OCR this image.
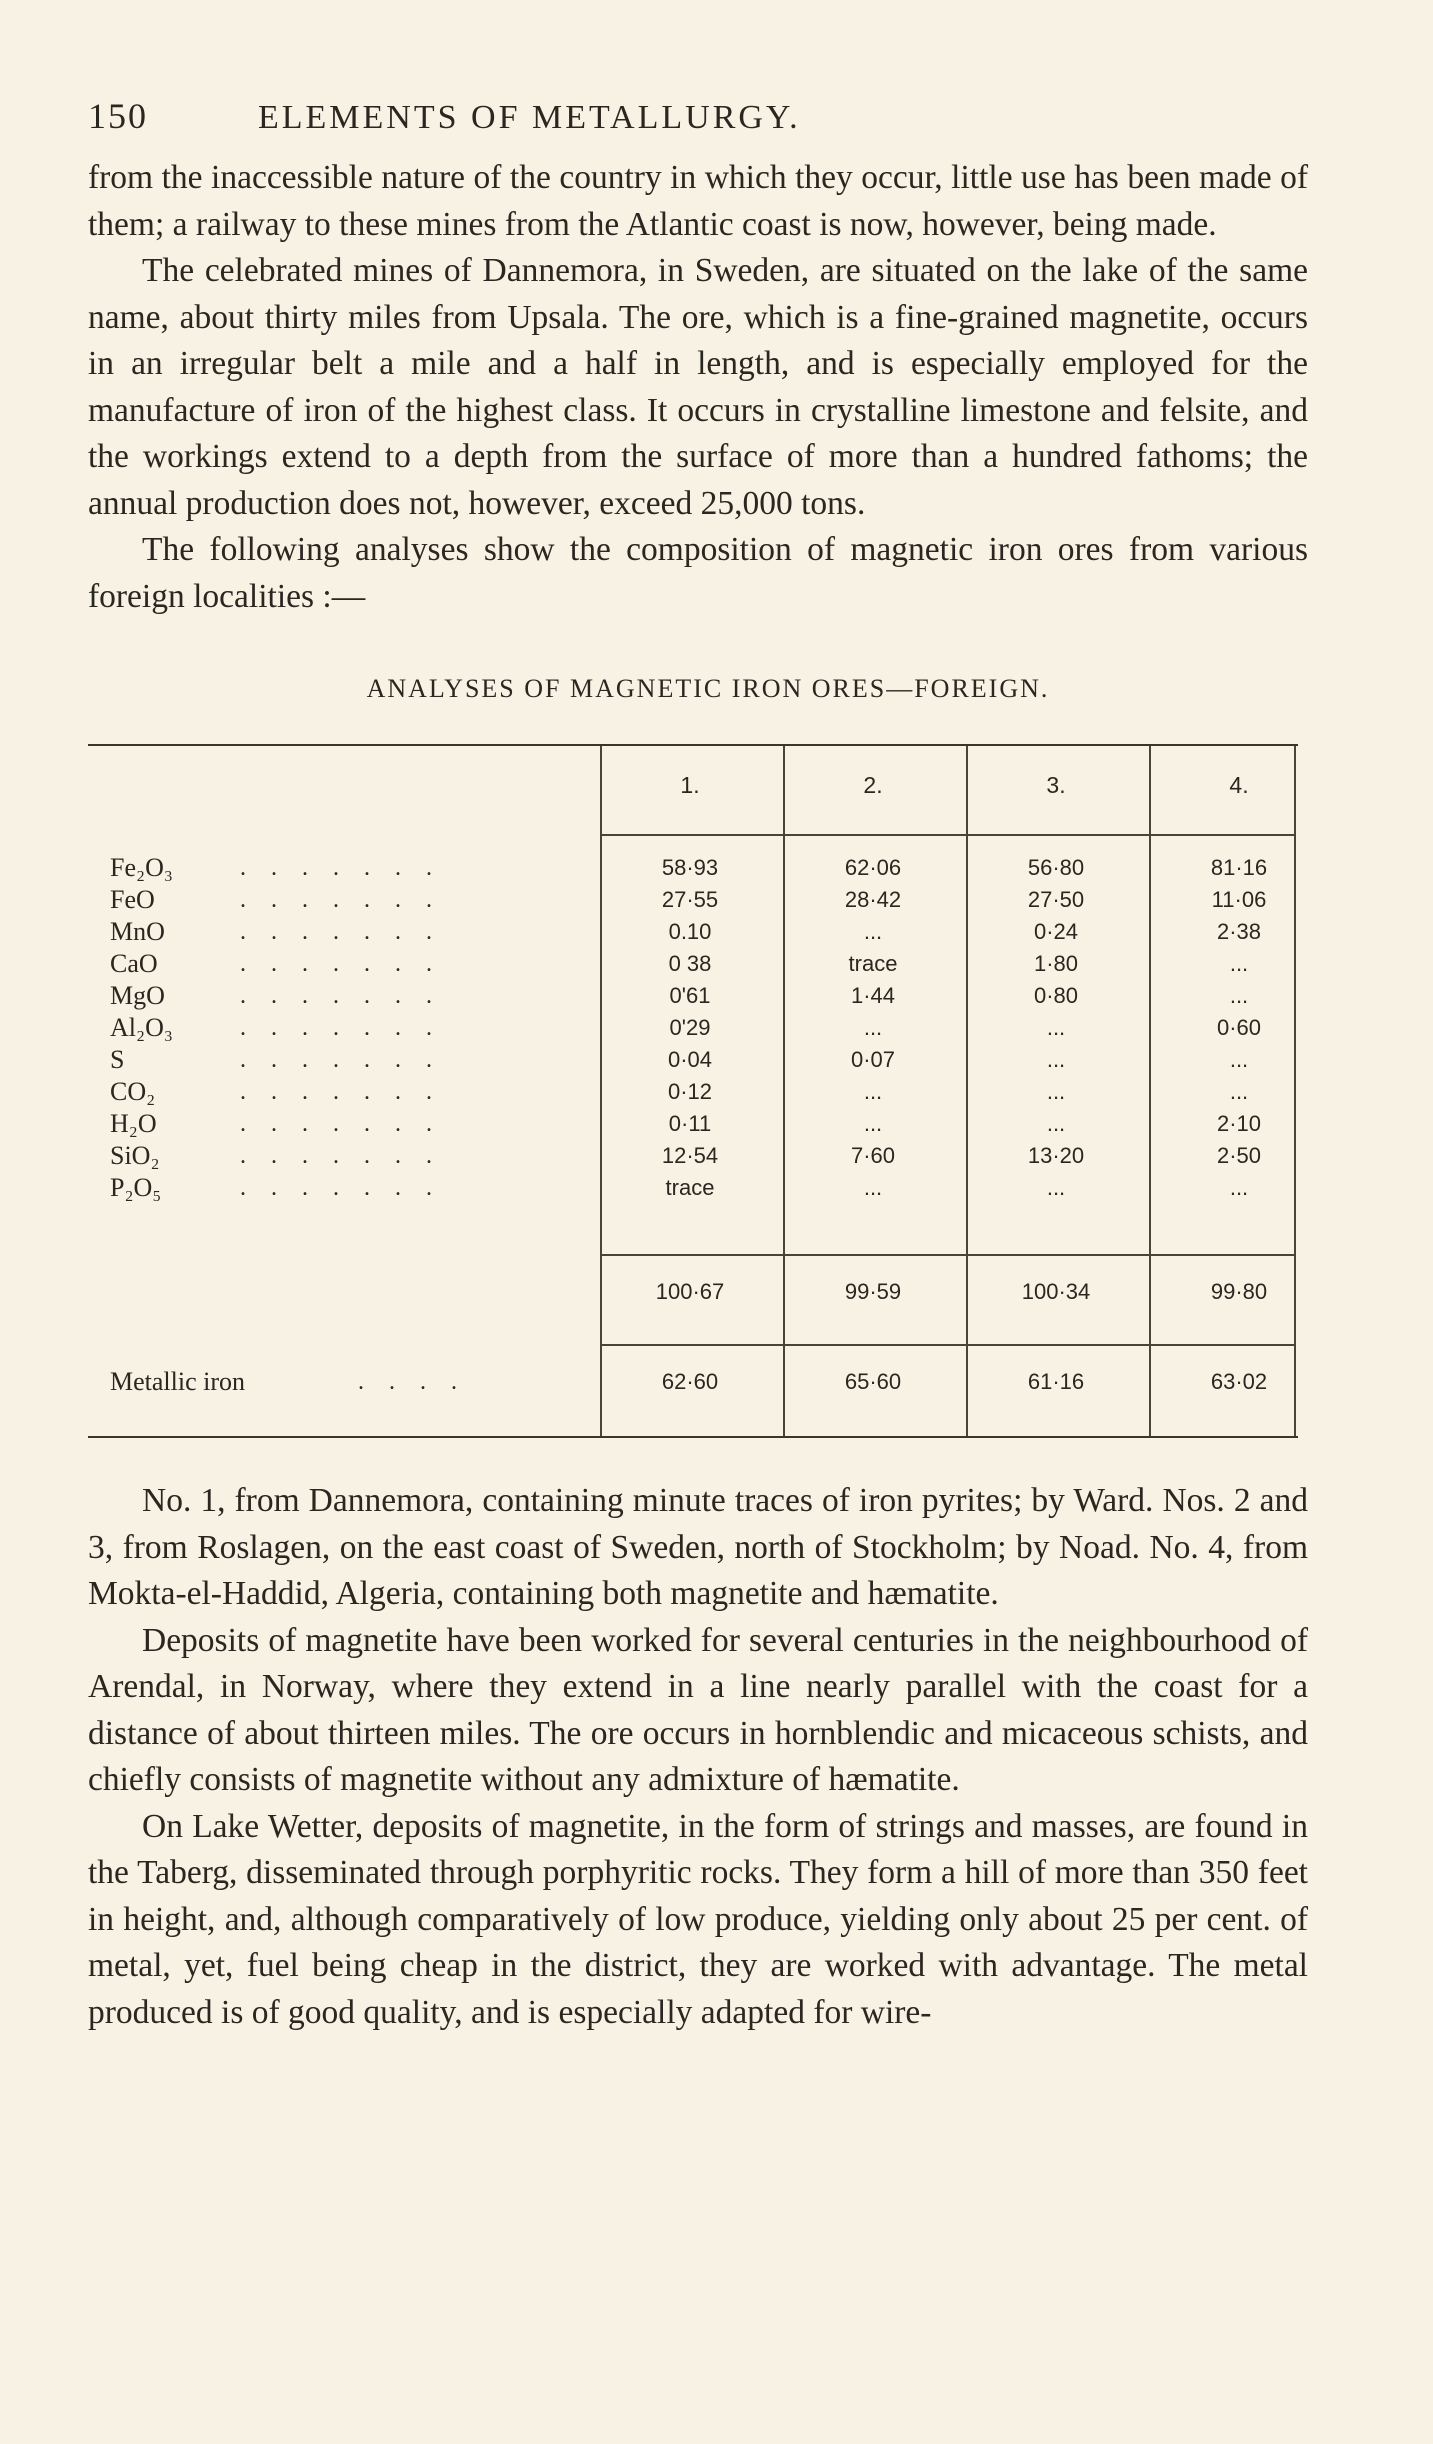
150	ELEMENTS OF METALLURGY.

from the inaccessible nature of the country in which they occur, little use has been made of them; a railway to these mines from the Atlantic coast is now, however, being made.

The celebrated mines of Dannemora, in Sweden, are situated on the lake of the same name, about thirty miles from Upsala. The ore, which is a fine-grained magnetite, occurs in an irregular belt a mile and a half in length, and is especially employed for the manufacture of iron of the highest class. It occurs in crystalline limestone and felsite, and the workings extend to a depth from the surface of more than a hundred fathoms; the annual production does not, however, exceed 25,000 tons.

The following analyses show the composition of magnetic iron ores from various foreign localities :—

ANALYSES OF MAGNETIC IRON ORES—FOREIGN.
1.	2.	3.	4.
Fe₂O₃	.......	58·93	62·06	56·80	81·16
FeO	.......	27·55	28·42	27·50	11·06
MnO	.......	0.10	...	0·24	2·38
CaO	.......	0 38	trace	1·80	...
MgO	.......	0'61	1·44	0·80	...
Al₂O₃	.......	0'29	...	...	0·60
S	.......	0·04	0·07	...	...
CO₂	.......	0·12	...	...	...
H₂O	.......	0·11	...	...	2·10
SiO₂	.......	12·54	7·60	13·20	2·50
P₂O₅	.......	trace	...	...	...
100·67	99·59	100·34	99·80
Metallic iron	....	62·60	65·60	61·16	63·02

No. 1, from Dannemora, containing minute traces of iron pyrites; by Ward. Nos. 2 and 3, from Roslagen, on the east coast of Sweden, north of Stockholm; by Noad. No. 4, from Mokta-el-Haddid, Algeria, containing both magnetite and hæmatite.

Deposits of magnetite have been worked for several centuries in the neighbourhood of Arendal, in Norway, where they extend in a line nearly parallel with the coast for a distance of about thirteen miles. The ore occurs in hornblendic and micaceous schists, and chiefly consists of magnetite without any admixture of hæmatite.

On Lake Wetter, deposits of magnetite, in the form of strings and masses, are found in the Taberg, disseminated through porphyritic rocks. They form a hill of more than 350 feet in height, and, although comparatively of low produce, yielding only about 25 per cent. of metal, yet, fuel being cheap in the district, they are worked with advantage. The metal produced is of good quality, and is especially adapted for wire-
